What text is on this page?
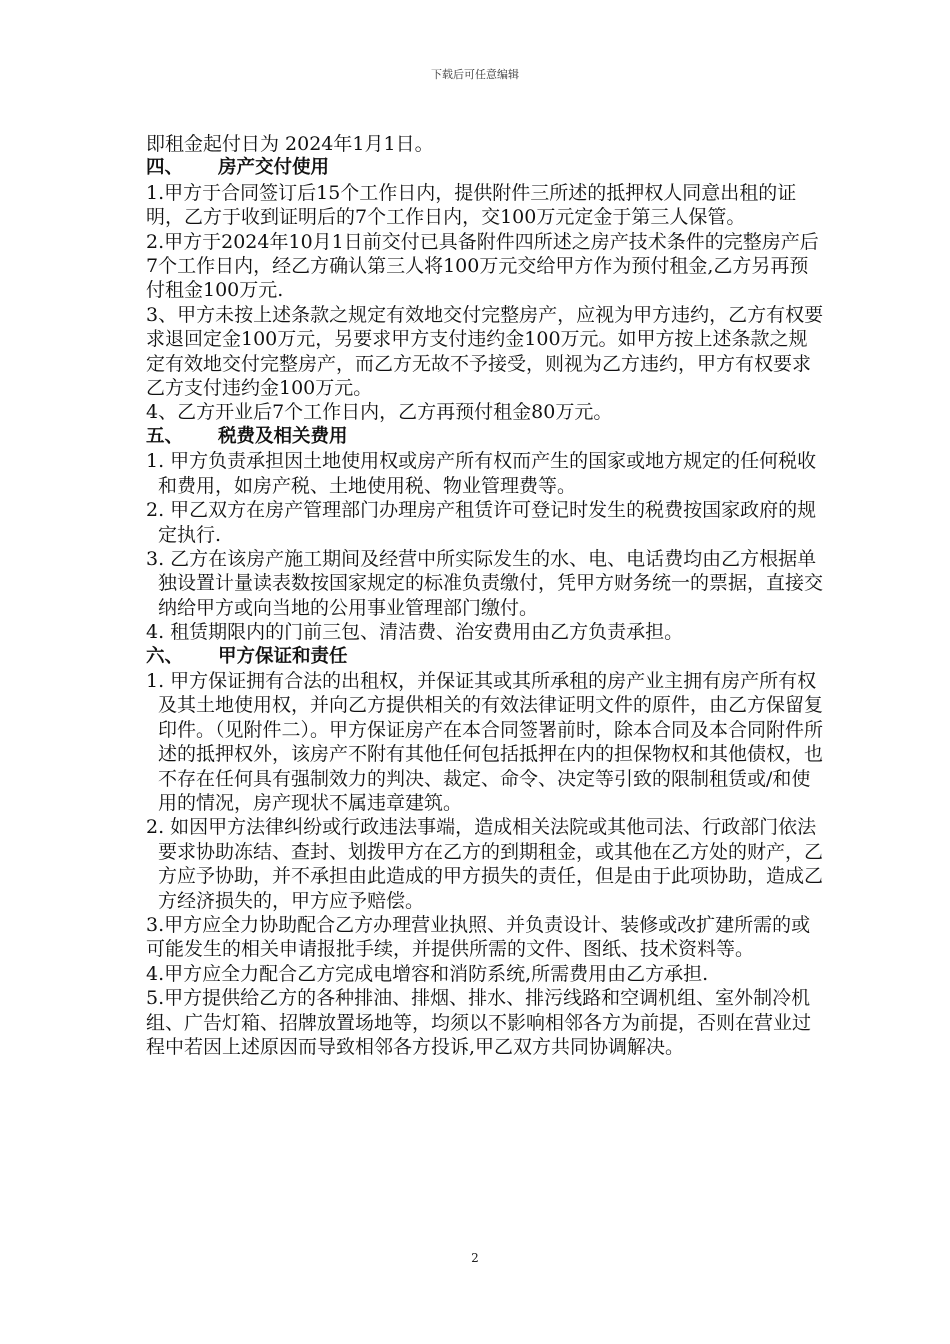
下载后可任意编辑

即租金起付日为 2024年1月1日。

四、 房产交付使用

1.甲方于合同签订后15个工作日内，提供附件三所述的抵押权人同意出租的证明，乙方于收到证明后的7个工作日内，交100万元定金于第三人保管。

2.甲方于2024年10月1日前交付已具备附件四所述之房产技术条件的完整房产后7个工作日内，经乙方确认第三人将100万元交给甲方作为预付租金,乙方另再预付租金100万元.

3、甲方未按上述条款之规定有效地交付完整房产，应视为甲方违约，乙方有权要求退回定金100万元，另要求甲方支付违约金100万元。如甲方按上述条款之规定有效地交付完整房产，而乙方无故不予接受，则视为乙方违约，甲方有权要求乙方支付违约金100万元。

4、乙方开业后7个工作日内，乙方再预付租金80万元。

五、 税费及相关费用

1. 甲方负责承担因土地使用权或房产所有权而产生的国家或地方规定的任何税收和费用，如房产税、土地使用税、物业管理费等。

2. 甲乙双方在房产管理部门办理房产租赁许可登记时发生的税费按国家政府的规定执行.

3. 乙方在该房产施工期间及经营中所实际发生的水、电、电话费均由乙方根据单独设置计量读表数按国家规定的标准负责缴付，凭甲方财务统一的票据，直接交纳给甲方或向当地的公用事业管理部门缴付。

4. 租赁期限内的门前三包、清洁费、治安费用由乙方负责承担。

六、 甲方保证和责任

1. 甲方保证拥有合法的出租权，并保证其或其所承租的房产业主拥有房产所有权及其土地使用权，并向乙方提供相关的有效法律证明文件的原件，由乙方保留复印件。（见附件二）。甲方保证房产在本合同签署前时，除本合同及本合同附件所述的抵押权外，该房产不附有其他任何包括抵押在内的担保物权和其他债权，也不存在任何具有强制效力的判决、裁定、命令、决定等引致的限制租赁或/和使用的情况，房产现状不属违章建筑。

2. 如因甲方法律纠纷或行政违法事端，造成相关法院或其他司法、行政部门依法要求协助冻结、查封、划拨甲方在乙方的到期租金，或其他在乙方处的财产，乙方应予协助，并不承担由此造成的甲方损失的责任，但是由于此项协助，造成乙方经济损失的，甲方应予赔偿。

3.甲方应全力协助配合乙方办理营业执照、并负责设计、装修或改扩建所需的或可能发生的相关申请报批手续，并提供所需的文件、图纸、技术资料等。

4.甲方应全力配合乙方完成电增容和消防系统,所需费用由乙方承担.

5.甲方提供给乙方的各种排油、排烟、排水、排污线路和空调机组、室外制冷机组、广告灯箱、招牌放置场地等，均须以不影响相邻各方为前提，否则在营业过程中若因上述原因而导致相邻各方投诉,甲乙双方共同协调解决。

2
